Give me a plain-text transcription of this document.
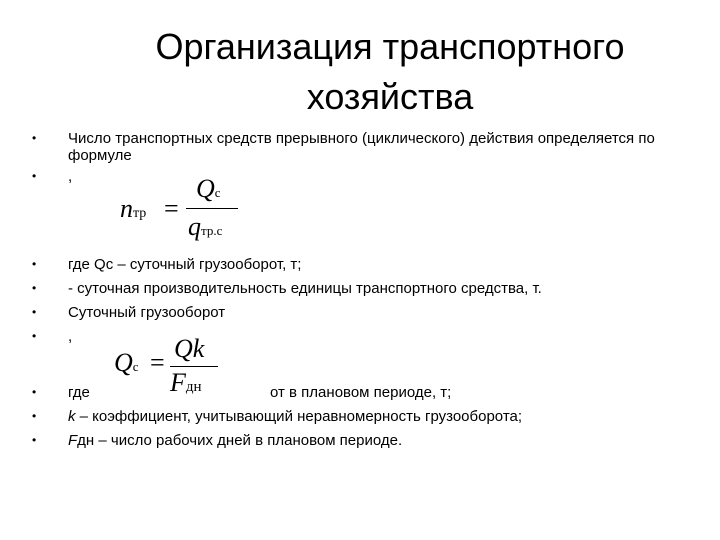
Организация транспортного
хозяйства
•	Число транспортных средств прерывного (циклического) действия определяется по формуле
•	,
nтр =
Qc
qтр.с
•	где Qс – суточный грузооборот, т;
•	- суточная производительность единицы транспортного средства, т.
•	Суточный грузооборот
•	,
•	где	от в плановом периоде, т;
Qc = Qk
Fдн
•	k – коэффициент, учитывающий неравномерность грузооборота;
•	Fдн – число рабочих дней в плановом периоде.
